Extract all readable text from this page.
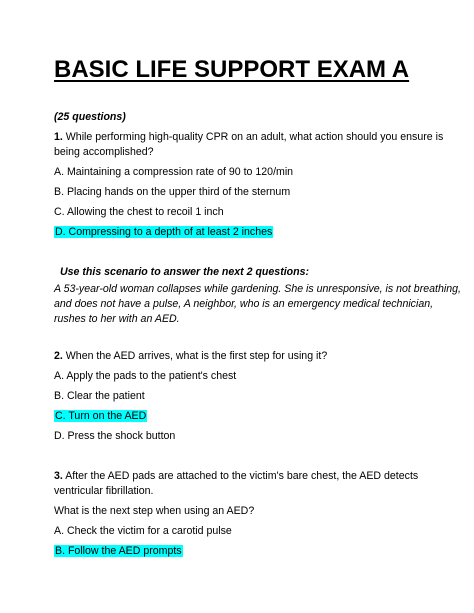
BASIC LIFE SUPPORT EXAM A
(25 questions)
1. While performing high-quality CPR on an adult, what action should you ensure is
being accomplished?
A. Maintaining a compression rate of 90 to 120/min
B. Placing hands on the upper third of the sternum
C. Allowing the chest to recoil 1 inch
D. Compressing to a depth of at least 2 inches
Use this scenario to answer the next 2 questions:
A 53-year-old woman collapses while gardening. She is unresponsive, is not breathing,
and does not have a pulse, A neighbor, who is an emergency medical technician,
rushes to her with an AED.
2. When the AED arrives, what is the first step for using it?
A. Apply the pads to the patient's chest
B. Clear the patient
C. Turn on the AED
D. Press the shock button
3. After the AED pads are attached to the victim's bare chest, the AED detects
ventricular fibrillation.
What is the next step when using an AED?
A. Check the victim for a carotid pulse
B. Follow the AED prompts
